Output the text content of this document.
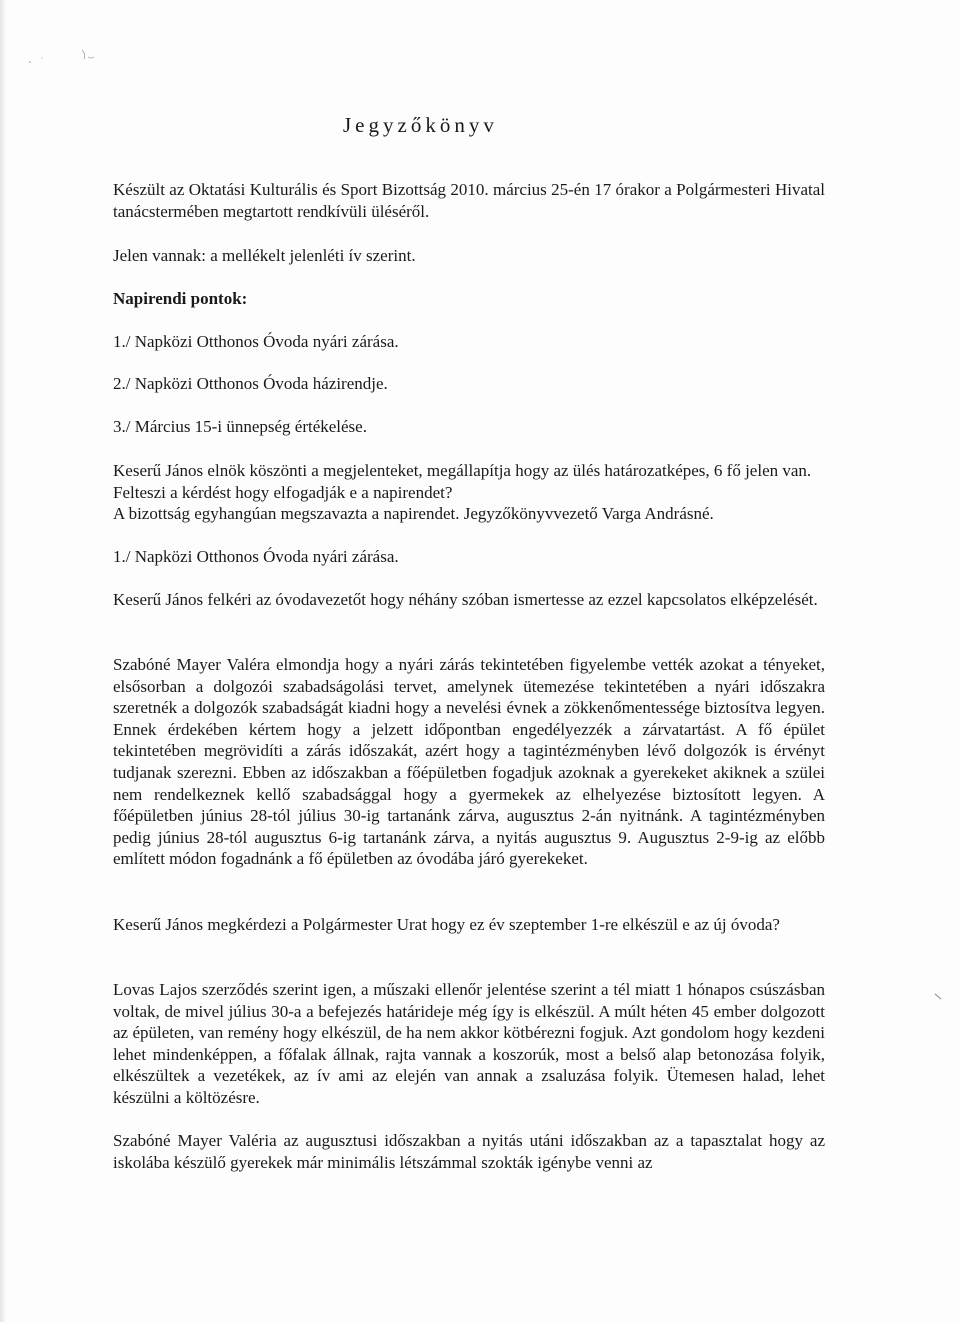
Jegyzőkönyv

Készült az Oktatási Kulturális és Sport Bizottság 2010. március 25-én 17 órakor a Polgármesteri Hivatal tanácstermében megtartott rendkívüli üléséről.

Jelen vannak: a mellékelt jelenléti ív szerint.

Napirendi pontok:

1./ Napközi Otthonos Óvoda nyári zárása.

2./ Napközi Otthonos Óvoda házirendje.

3./ Március 15-i ünnepség értékelése.

Keserű János elnök köszönti a megjelenteket, megállapítja hogy az ülés határozatképes, 6 fő jelen van. Felteszi a kérdést hogy elfogadják e a napirendet?

A bizottság egyhangúan megszavazta a napirendet. Jegyzőkönyvvezető Varga Andrásné.

1./ Napközi Otthonos Óvoda nyári zárása.

Keserű János felkéri az óvodavezetőt hogy néhány szóban ismertesse az ezzel kapcsolatos elképzelését.

Szabóné Mayer Valéra elmondja hogy a nyári zárás tekintetében figyelembe vették azokat a tényeket, elsősorban a dolgozói szabadságolási tervet, amelynek ütemezése tekintetében a nyári időszakra szeretnék a dolgozók szabadságát kiadni hogy a nevelési évnek a zökkenőmentessége biztosítva legyen. Ennek érdekében kértem hogy a jelzett időpontban engedélyezzék a zárvatartást. A fő épület tekintetében megrövidíti a zárás időszakát, azért hogy a tagintézményben lévő dolgozók is érvényt tudjanak szerezni. Ebben az időszakban a főépületben fogadjuk azoknak a gyerekeket akiknek a szülei nem rendelkeznek kellő szabadsággal hogy a gyermekek az elhelyezése biztosított legyen. A főépületben június 28-tól július 30-ig tartanánk zárva, augusztus 2-án nyitnánk. A tagintézményben pedig június 28-tól augusztus 6-ig tartanánk zárva, a nyitás augusztus 9. Augusztus 2-9-ig az előbb említett módon fogadnánk a fő épületben az óvodába járó gyerekeket.

Keserű János megkérdezi a Polgármester Urat hogy ez év szeptember 1-re elkészül e az új óvoda?

Lovas Lajos szerződés szerint igen, a műszaki ellenőr jelentése szerint a tél miatt 1 hónapos csúszásban voltak, de mivel július 30-a a befejezés határideje még így is elkészül. A múlt héten 45 ember dolgozott az épületen, van remény hogy elkészül, de ha nem akkor kötbérezni fogjuk. Azt gondolom hogy kezdeni lehet mindenképpen, a főfalak állnak, rajta vannak a koszorúk, most a belső alap betonozása folyik, elkészültek a vezetékek, az ív ami az elején van annak a zsaluzása folyik. Ütemesen halad, lehet készülni a költözésre.

Szabóné Mayer Valéria az augusztusi időszakban a nyitás utáni időszakban az a tapasztalat hogy az iskolába készülő gyerekek már minimális létszámmal szokták igénybe venni az
